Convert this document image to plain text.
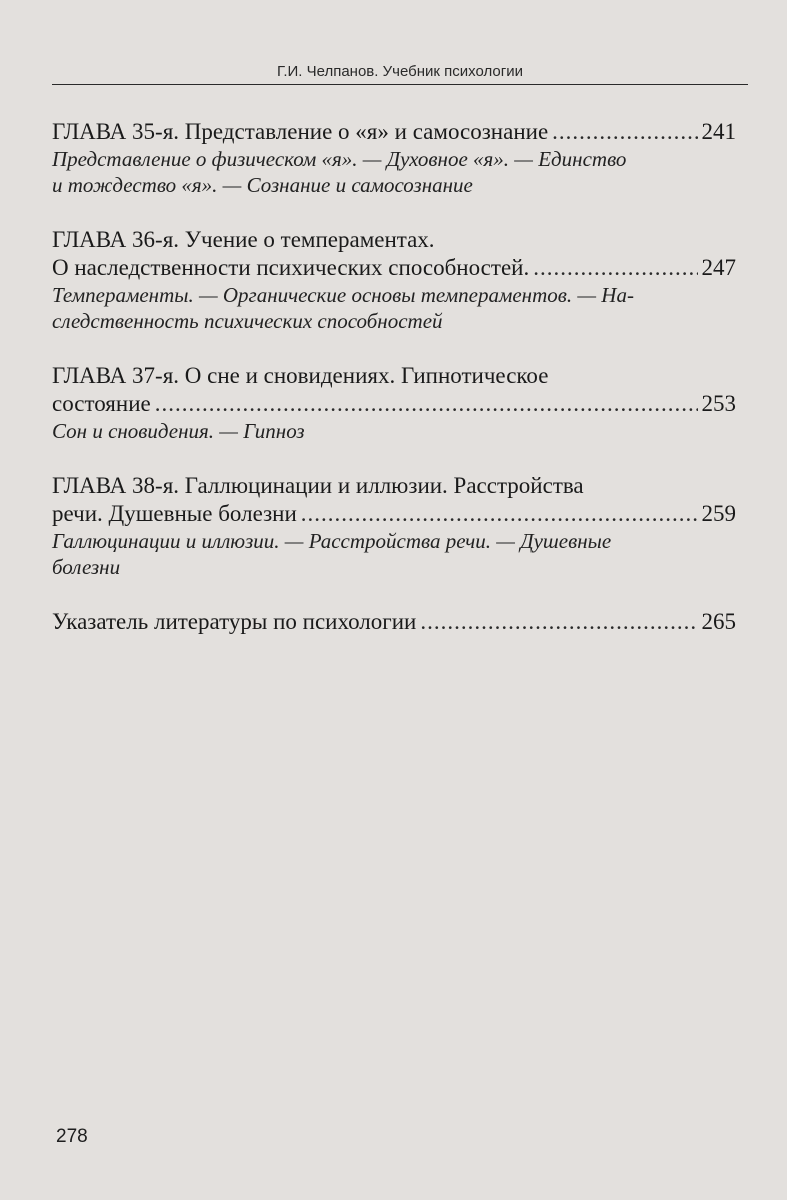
Г.И. Челпанов. Учебник психологии
ГЛАВА 35-я. Представление о «я» и самосознание .....	241
Представление о физическом «я». — Духовное «я». — Единство
и тождество «я». — Сознание и самосознание
ГЛАВА 36-я. Учение о темпераментах.
О наследственности психических способностей. .....	247
Темпераменты. — Органические основы темпераментов. — На-
следственность психических способностей
ГЛАВА 37-я. О сне и сновидениях. Гипнотическое
состояние .....	253
Сон и сновидения. — Гипноз
ГЛАВА 38-я. Галлюцинации и иллюзии. Расстройства
речи. Душевные болезни .....	259
Галлюцинации и иллюзии. — Расстройства речи. — Душевные
болезни
Указатель литературы по психологии .....	265
278
